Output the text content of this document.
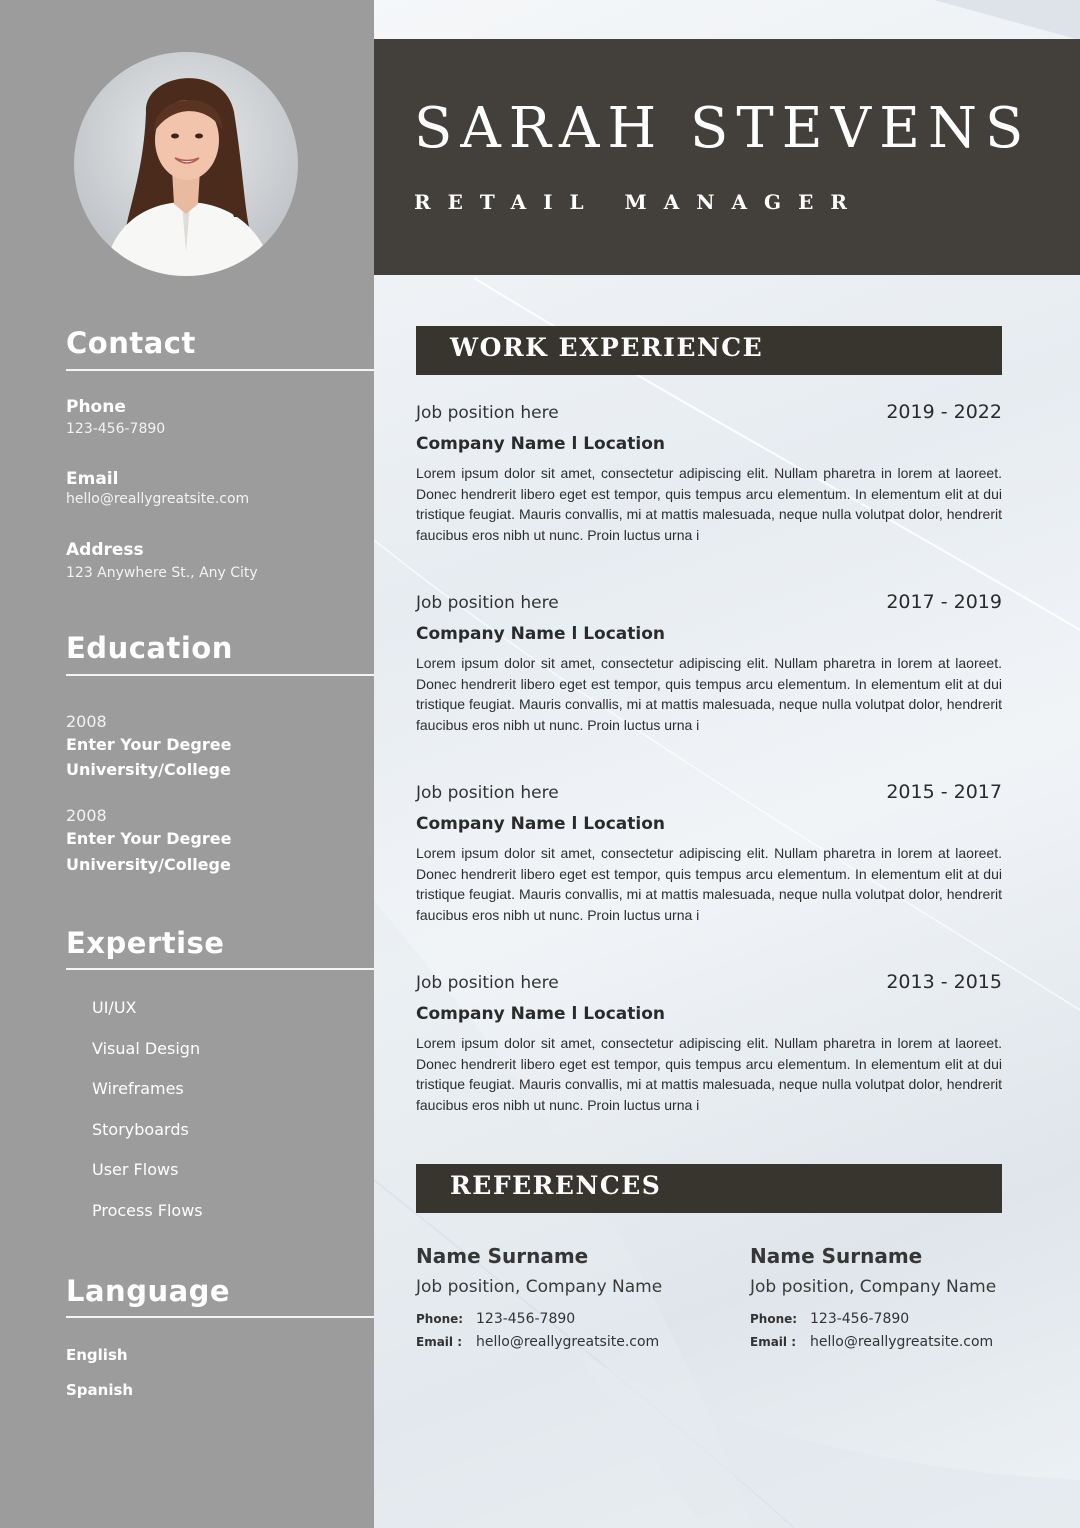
SARAH STEVENS
RETAIL MANAGER
Contact
Phone
123-456-7890
Email
hello@reallygreatsite.com
Address
123 Anywhere St., Any City
Education
2008
Enter Your Degree
University/College
2008
Enter Your Degree
University/College
Expertise
UI/UX
Visual Design
Wireframes
Storyboards
User Flows
Process Flows
Language
English
Spanish
WORK EXPERIENCE
Job position here	2019 - 2022
Company Name l Location
Lorem ipsum dolor sit amet, consectetur adipiscing elit. Nullam pharetra in lorem at laoreet. Donec hendrerit libero eget est tempor, quis tempus arcu elementum. In elementum elit at dui tristique feugiat. Mauris convallis, mi at mattis malesuada, neque nulla volutpat dolor, hendrerit faucibus eros nibh ut nunc. Proin luctus urna i
Job position here	2017 - 2019
Company Name l Location
Lorem ipsum dolor sit amet, consectetur adipiscing elit. Nullam pharetra in lorem at laoreet. Donec hendrerit libero eget est tempor, quis tempus arcu elementum. In elementum elit at dui tristique feugiat. Mauris convallis, mi at mattis malesuada, neque nulla volutpat dolor, hendrerit faucibus eros nibh ut nunc. Proin luctus urna i
Job position here	2015 - 2017
Company Name l Location
Lorem ipsum dolor sit amet, consectetur adipiscing elit. Nullam pharetra in lorem at laoreet. Donec hendrerit libero eget est tempor, quis tempus arcu elementum. In elementum elit at dui tristique feugiat. Mauris convallis, mi at mattis malesuada, neque nulla volutpat dolor, hendrerit faucibus eros nibh ut nunc. Proin luctus urna i
Job position here	2013 - 2015
Company Name l Location
Lorem ipsum dolor sit amet, consectetur adipiscing elit. Nullam pharetra in lorem at laoreet. Donec hendrerit libero eget est tempor, quis tempus arcu elementum. In elementum elit at dui tristique feugiat. Mauris convallis, mi at mattis malesuada, neque nulla volutpat dolor, hendrerit faucibus eros nibh ut nunc. Proin luctus urna i
REFERENCES
Name Surname
Job position, Company Name
Phone: 123-456-7890
Email : hello@reallygreatsite.com
Name Surname
Job position, Company Name
Phone: 123-456-7890
Email : hello@reallygreatsite.com
